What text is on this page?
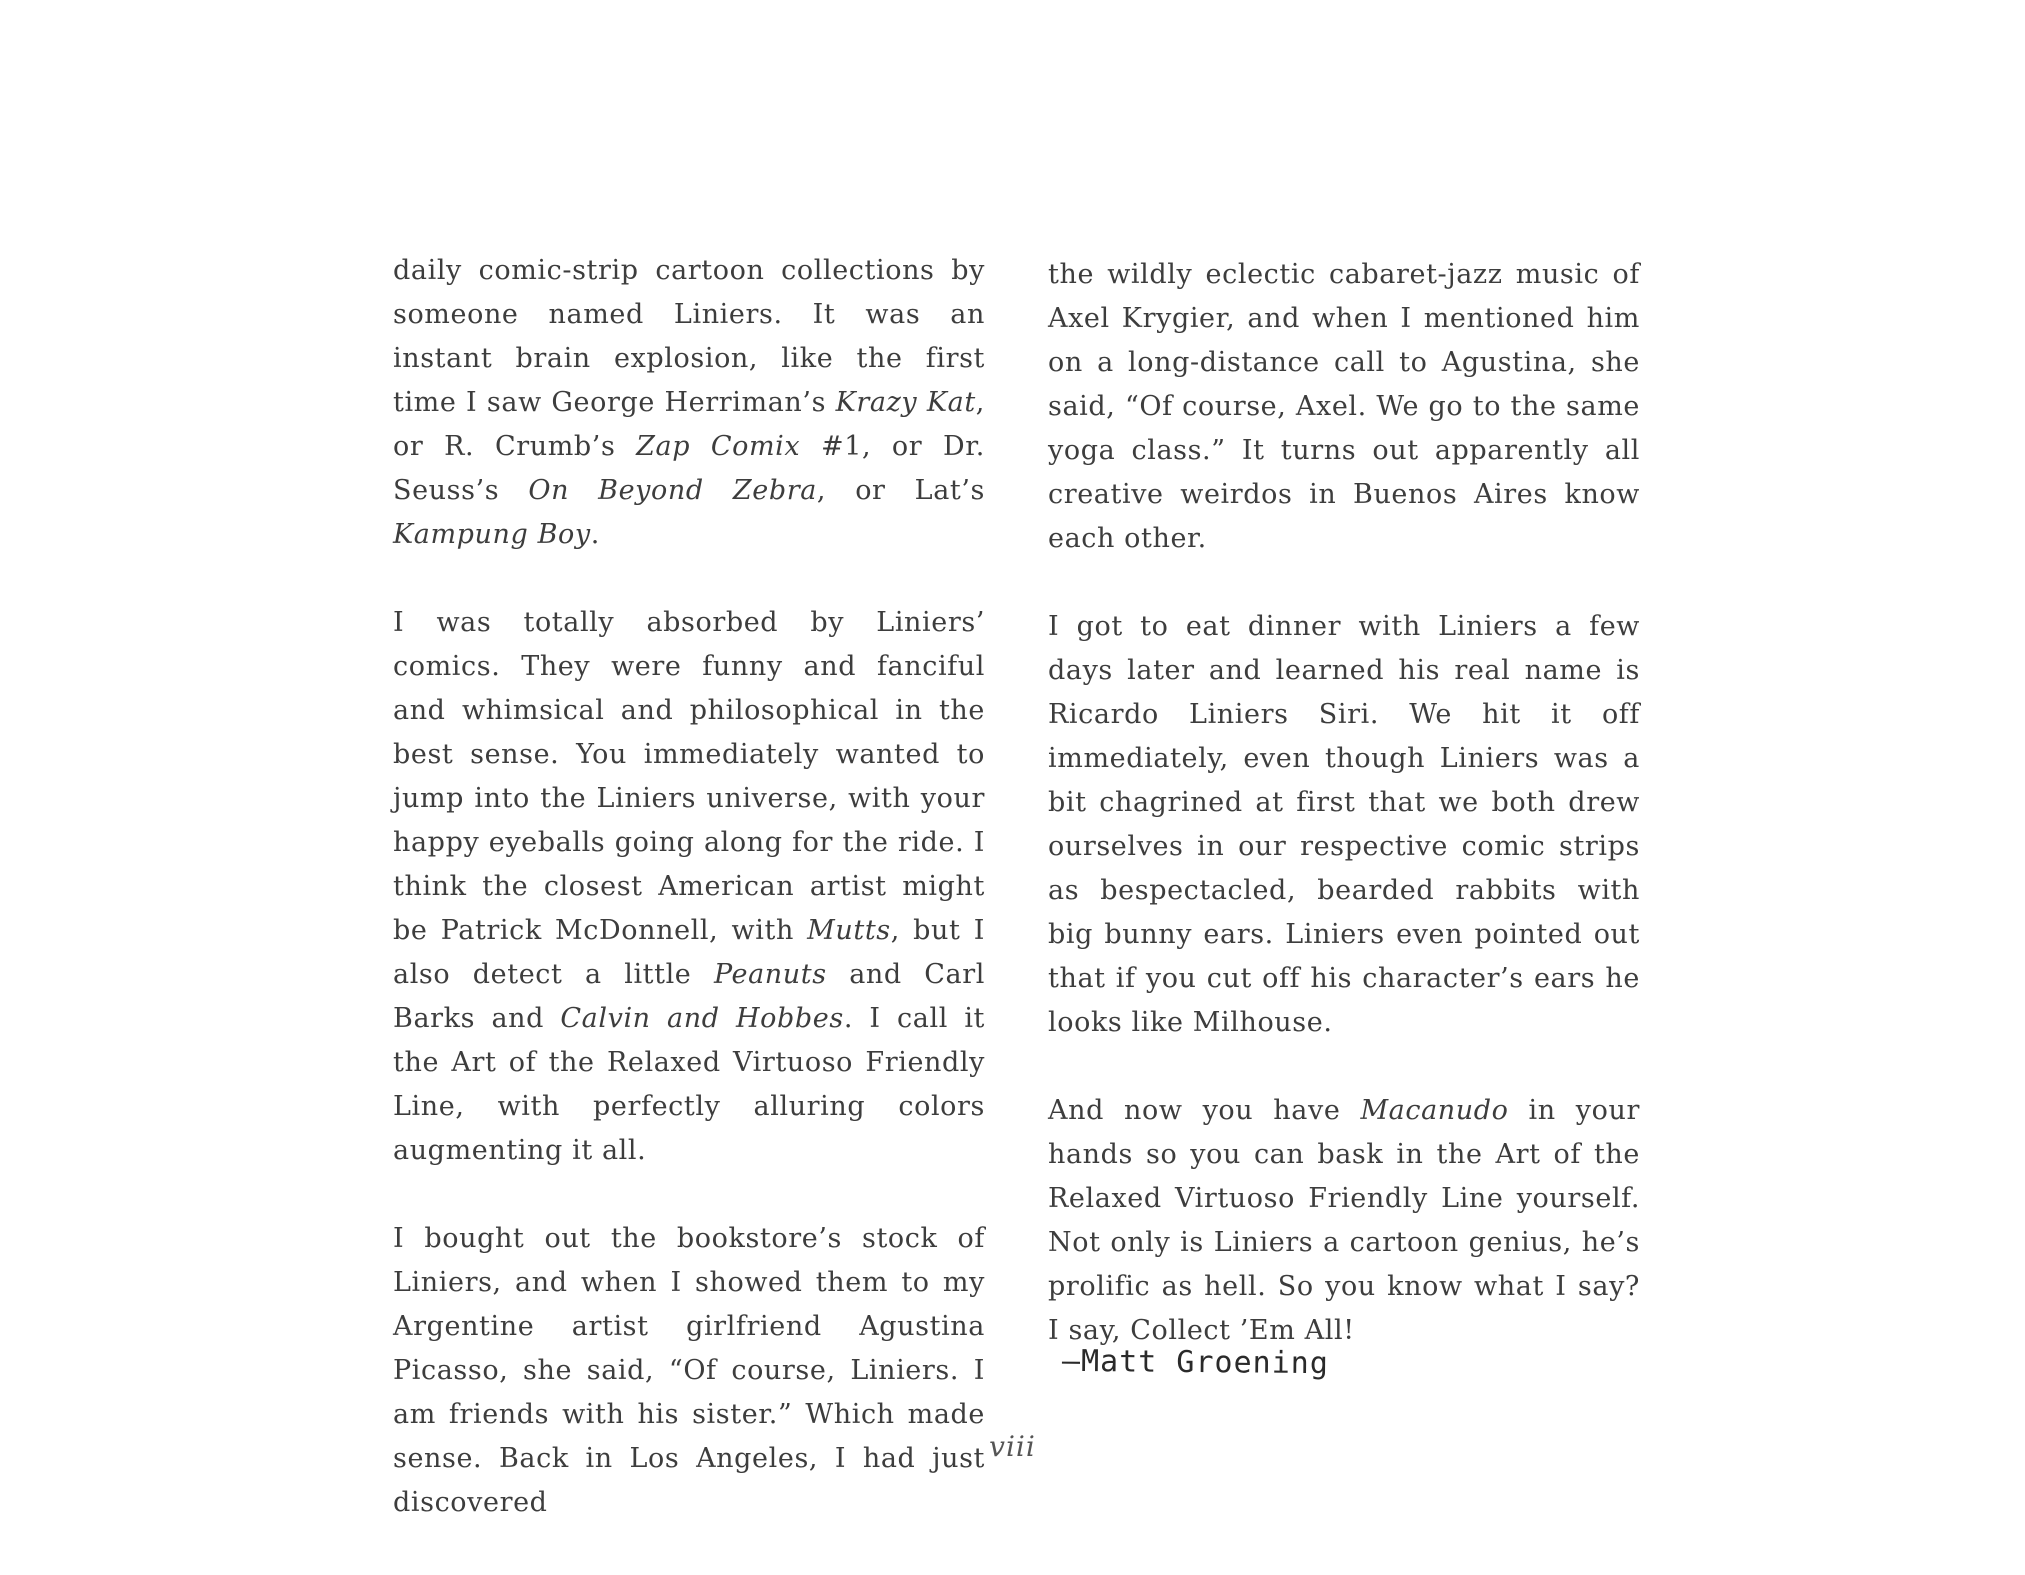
daily comic-strip cartoon collections by someone named Liniers. It was an instant brain explosion, like the first time I saw George Herriman’s Krazy Kat, or R. Crumb’s Zap Comix #1, or Dr. Seuss’s On Beyond Zebra, or Lat’s Kampung Boy.

I was totally absorbed by Liniers’ comics. They were funny and fanciful and whimsical and philosophical in the best sense. You immediately wanted to jump into the Liniers universe, with your happy eyeballs going along for the ride. I think the closest American artist might be Patrick McDonnell, with Mutts, but I also detect a little Peanuts and Carl Barks and Calvin and Hobbes. I call it the Art of the Relaxed Virtuoso Friendly Line, with perfectly alluring colors augmenting it all.

I bought out the bookstore’s stock of Liniers, and when I showed them to my Argentine artist girlfriend Agustina Picasso, she said, “Of course, Liniers. I am friends with his sister.” Which made sense. Back in Los Angeles, I had just discovered

the wildly eclectic cabaret-jazz music of Axel Krygier, and when I mentioned him on a long-distance call to Agustina, she said, “Of course, Axel. We go to the same yoga class.” It turns out apparently all creative weirdos in Buenos Aires know each other.

I got to eat dinner with Liniers a few days later and learned his real name is Ricardo Liniers Siri. We hit it off immediately, even though Liniers was a bit chagrined at first that we both drew ourselves in our respective comic strips as bespectacled, bearded rabbits with big bunny ears. Liniers even pointed out that if you cut off his character’s ears he looks like Milhouse.

And now you have Macanudo in your hands so you can bask in the Art of the Relaxed Virtuoso Friendly Line yourself. Not only is Liniers a cartoon genius, he’s prolific as hell. So you know what I say? I say, Collect ’Em All!

—Matt Groening
viii
